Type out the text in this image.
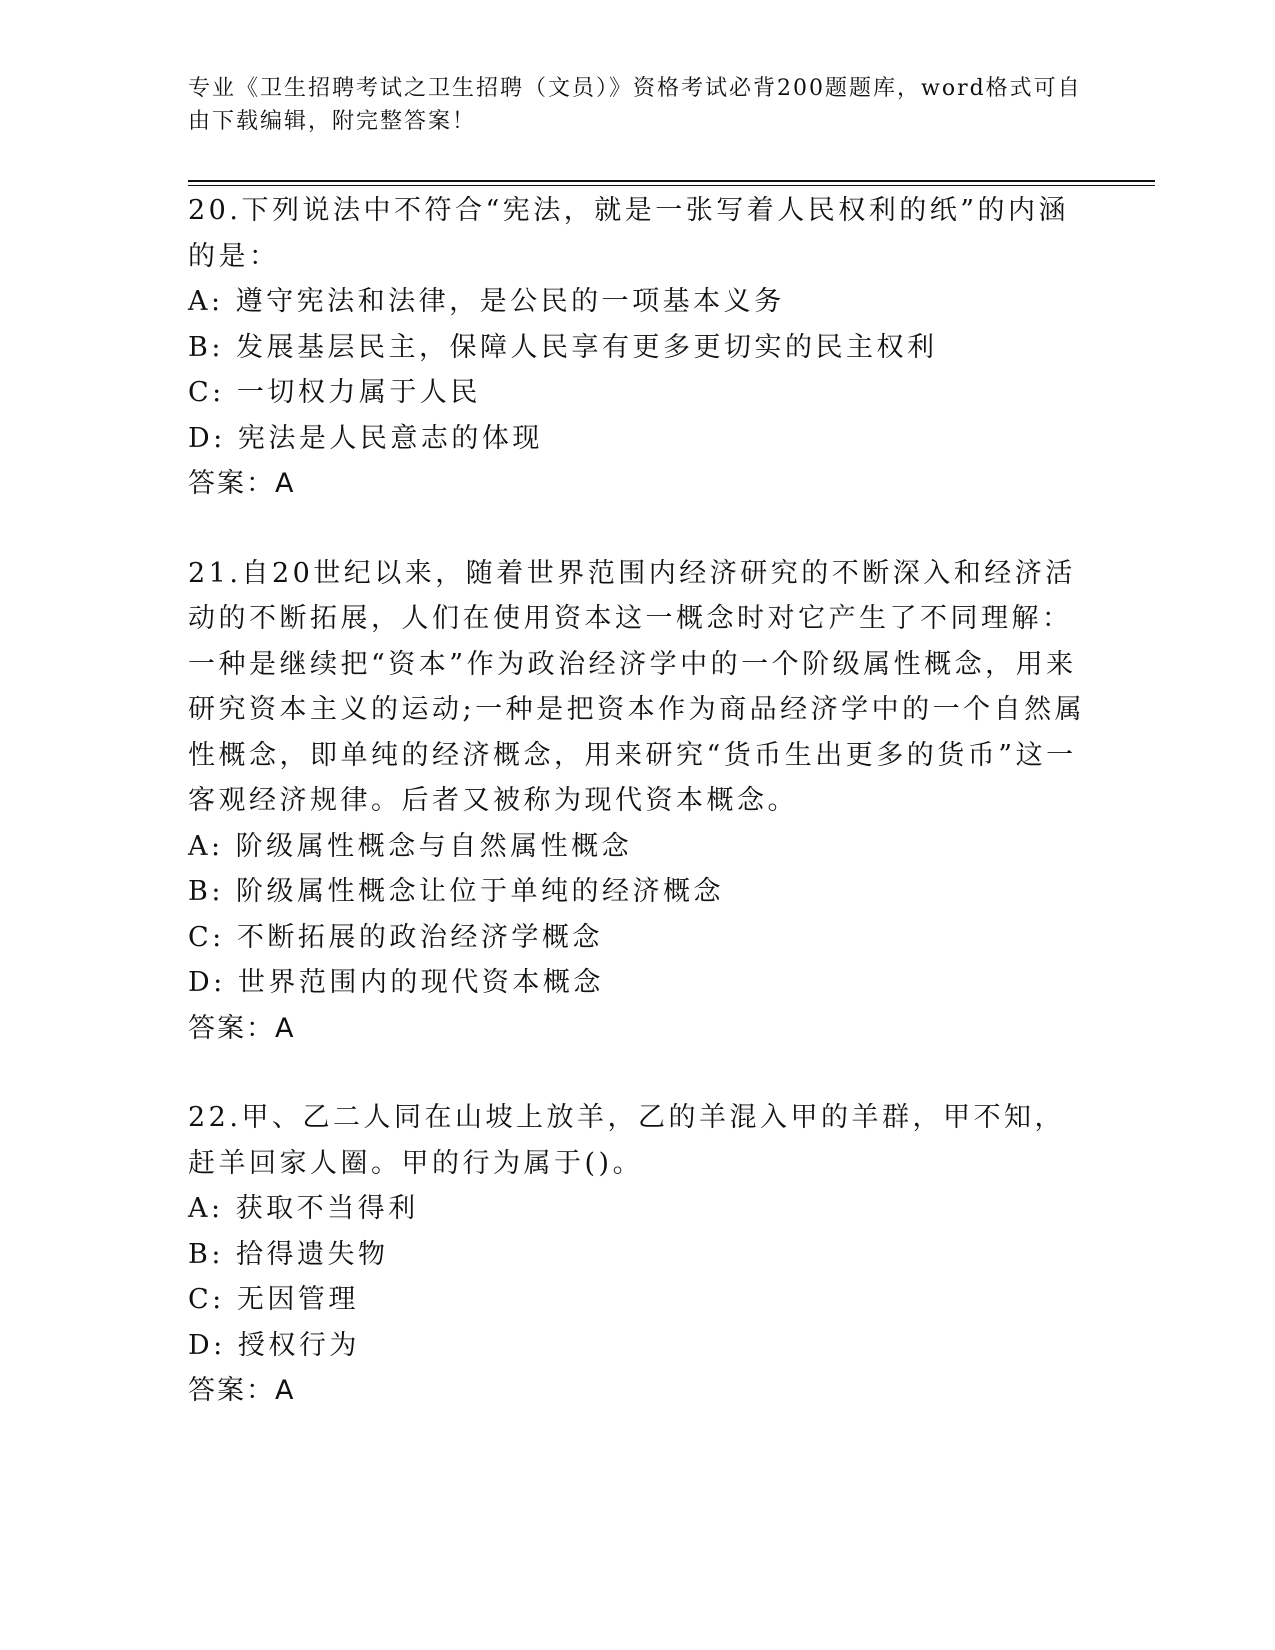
专业《卫生招聘考试之卫生招聘（文员）》资格考试必背200题题库，word格式可自由下载编辑，附完整答案！

20.下列说法中不符合“宪法，就是一张写着人民权利的纸”的内涵的是：

A: 遵守宪法和法律，是公民的一项基本义务

B: 发展基层民主，保障人民享有更多更切实的民主权利

C: 一切权力属于人民

D: 宪法是人民意志的体现

答案：A

21.自20世纪以来，随着世界范围内经济研究的不断深入和经济活动的不断拓展，人们在使用资本这一概念时对它产生了不同理解：一种是继续把“资本”作为政治经济学中的一个阶级属性概念，用来研究资本主义的运动;一种是把资本作为商品经济学中的一个自然属性概念，即单纯的经济概念，用来研究“货币生出更多的货币”这一客观经济规律。后者又被称为现代资本概念。

A: 阶级属性概念与自然属性概念

B: 阶级属性概念让位于单纯的经济概念

C: 不断拓展的政治经济学概念

D: 世界范围内的现代资本概念

答案：A

22.甲、乙二人同在山坡上放羊，乙的羊混入甲的羊群，甲不知，赶羊回家人圈。甲的行为属于()。

A: 获取不当得利

B: 拾得遗失物

C: 无因管理

D: 授权行为

答案：A
